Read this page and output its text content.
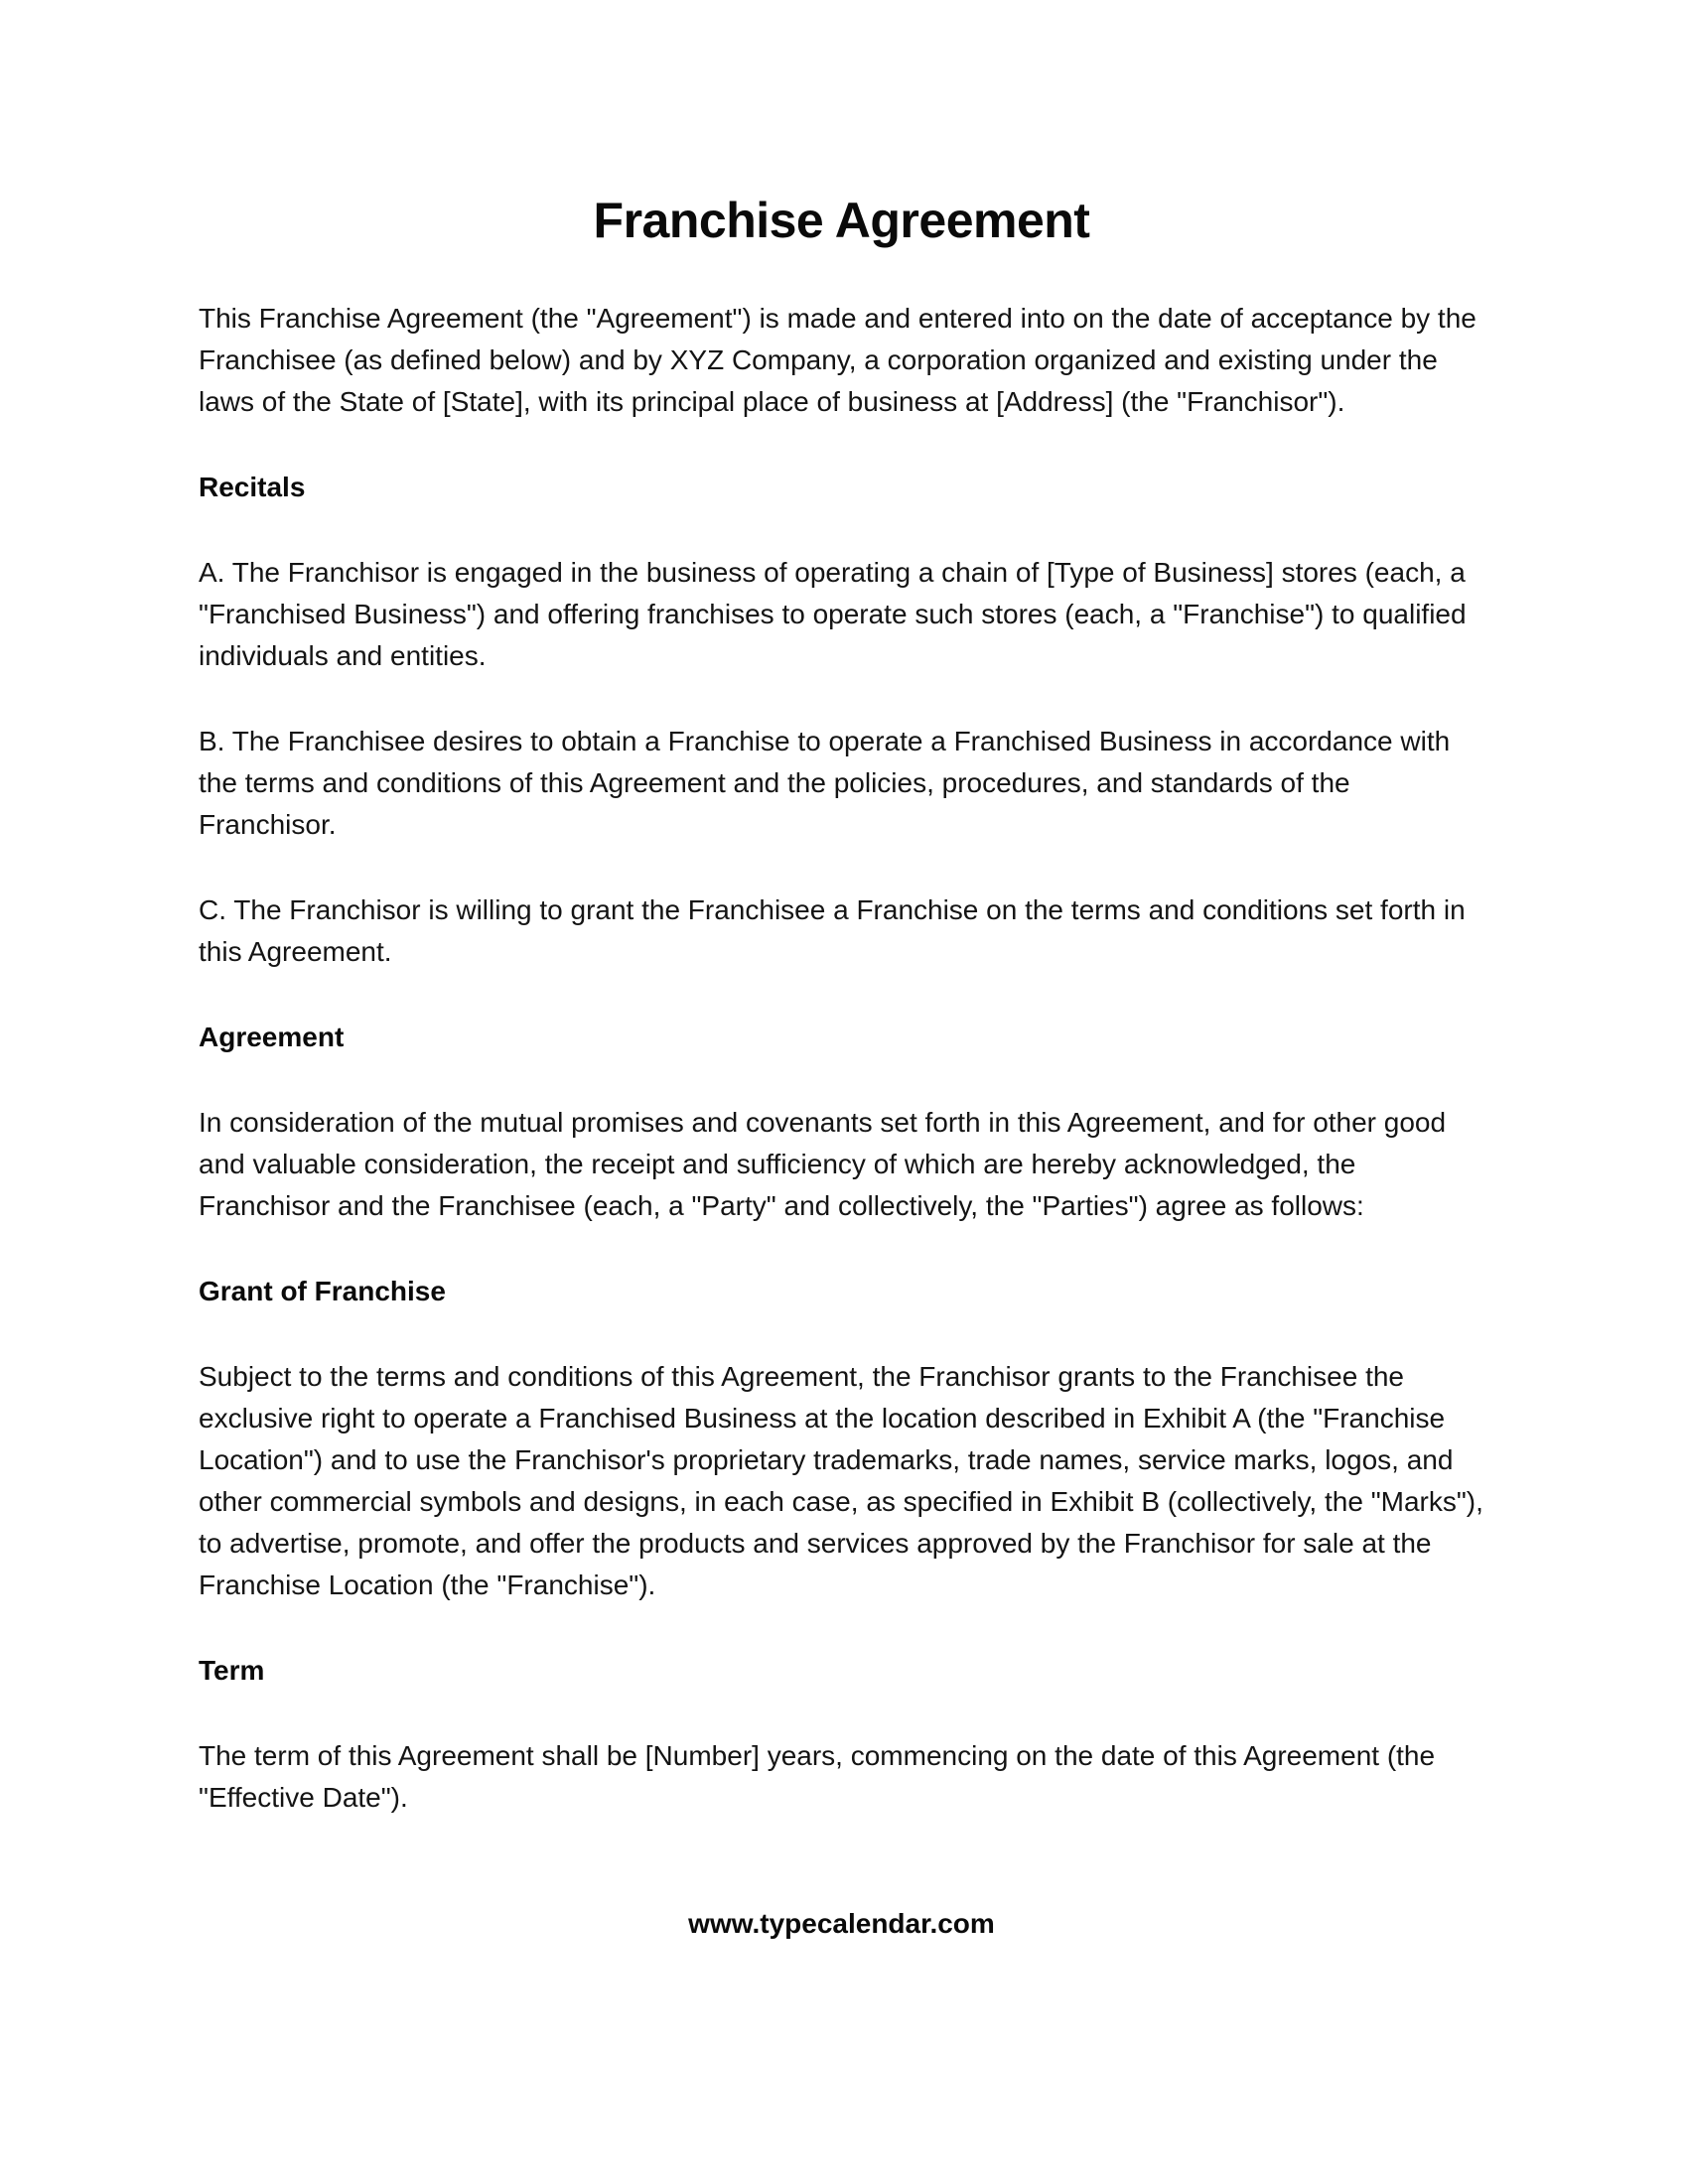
Franchise Agreement

This Franchise Agreement (the "Agreement") is made and entered into on the date of acceptance by the Franchisee (as defined below) and by XYZ Company, a corporation organized and existing under the laws of the State of [State], with its principal place of business at [Address] (the "Franchisor").

Recitals

A. The Franchisor is engaged in the business of operating a chain of [Type of Business] stores (each, a "Franchised Business") and offering franchises to operate such stores (each, a "Franchise") to qualified individuals and entities.

B. The Franchisee desires to obtain a Franchise to operate a Franchised Business in accordance with the terms and conditions of this Agreement and the policies, procedures, and standards of the Franchisor.

C. The Franchisor is willing to grant the Franchisee a Franchise on the terms and conditions set forth in this Agreement.

Agreement

In consideration of the mutual promises and covenants set forth in this Agreement, and for other good and valuable consideration, the receipt and sufficiency of which are hereby acknowledged, the Franchisor and the Franchisee (each, a "Party" and collectively, the "Parties") agree as follows:

Grant of Franchise

Subject to the terms and conditions of this Agreement, the Franchisor grants to the Franchisee the exclusive right to operate a Franchised Business at the location described in Exhibit A (the "Franchise Location") and to use the Franchisor's proprietary trademarks, trade names, service marks, logos, and other commercial symbols and designs, in each case, as specified in Exhibit B (collectively, the "Marks"), to advertise, promote, and offer the products and services approved by the Franchisor for sale at the Franchise Location (the "Franchise").

Term

The term of this Agreement shall be [Number] years, commencing on the date of this Agreement (the "Effective Date").

www.typecalendar.com
